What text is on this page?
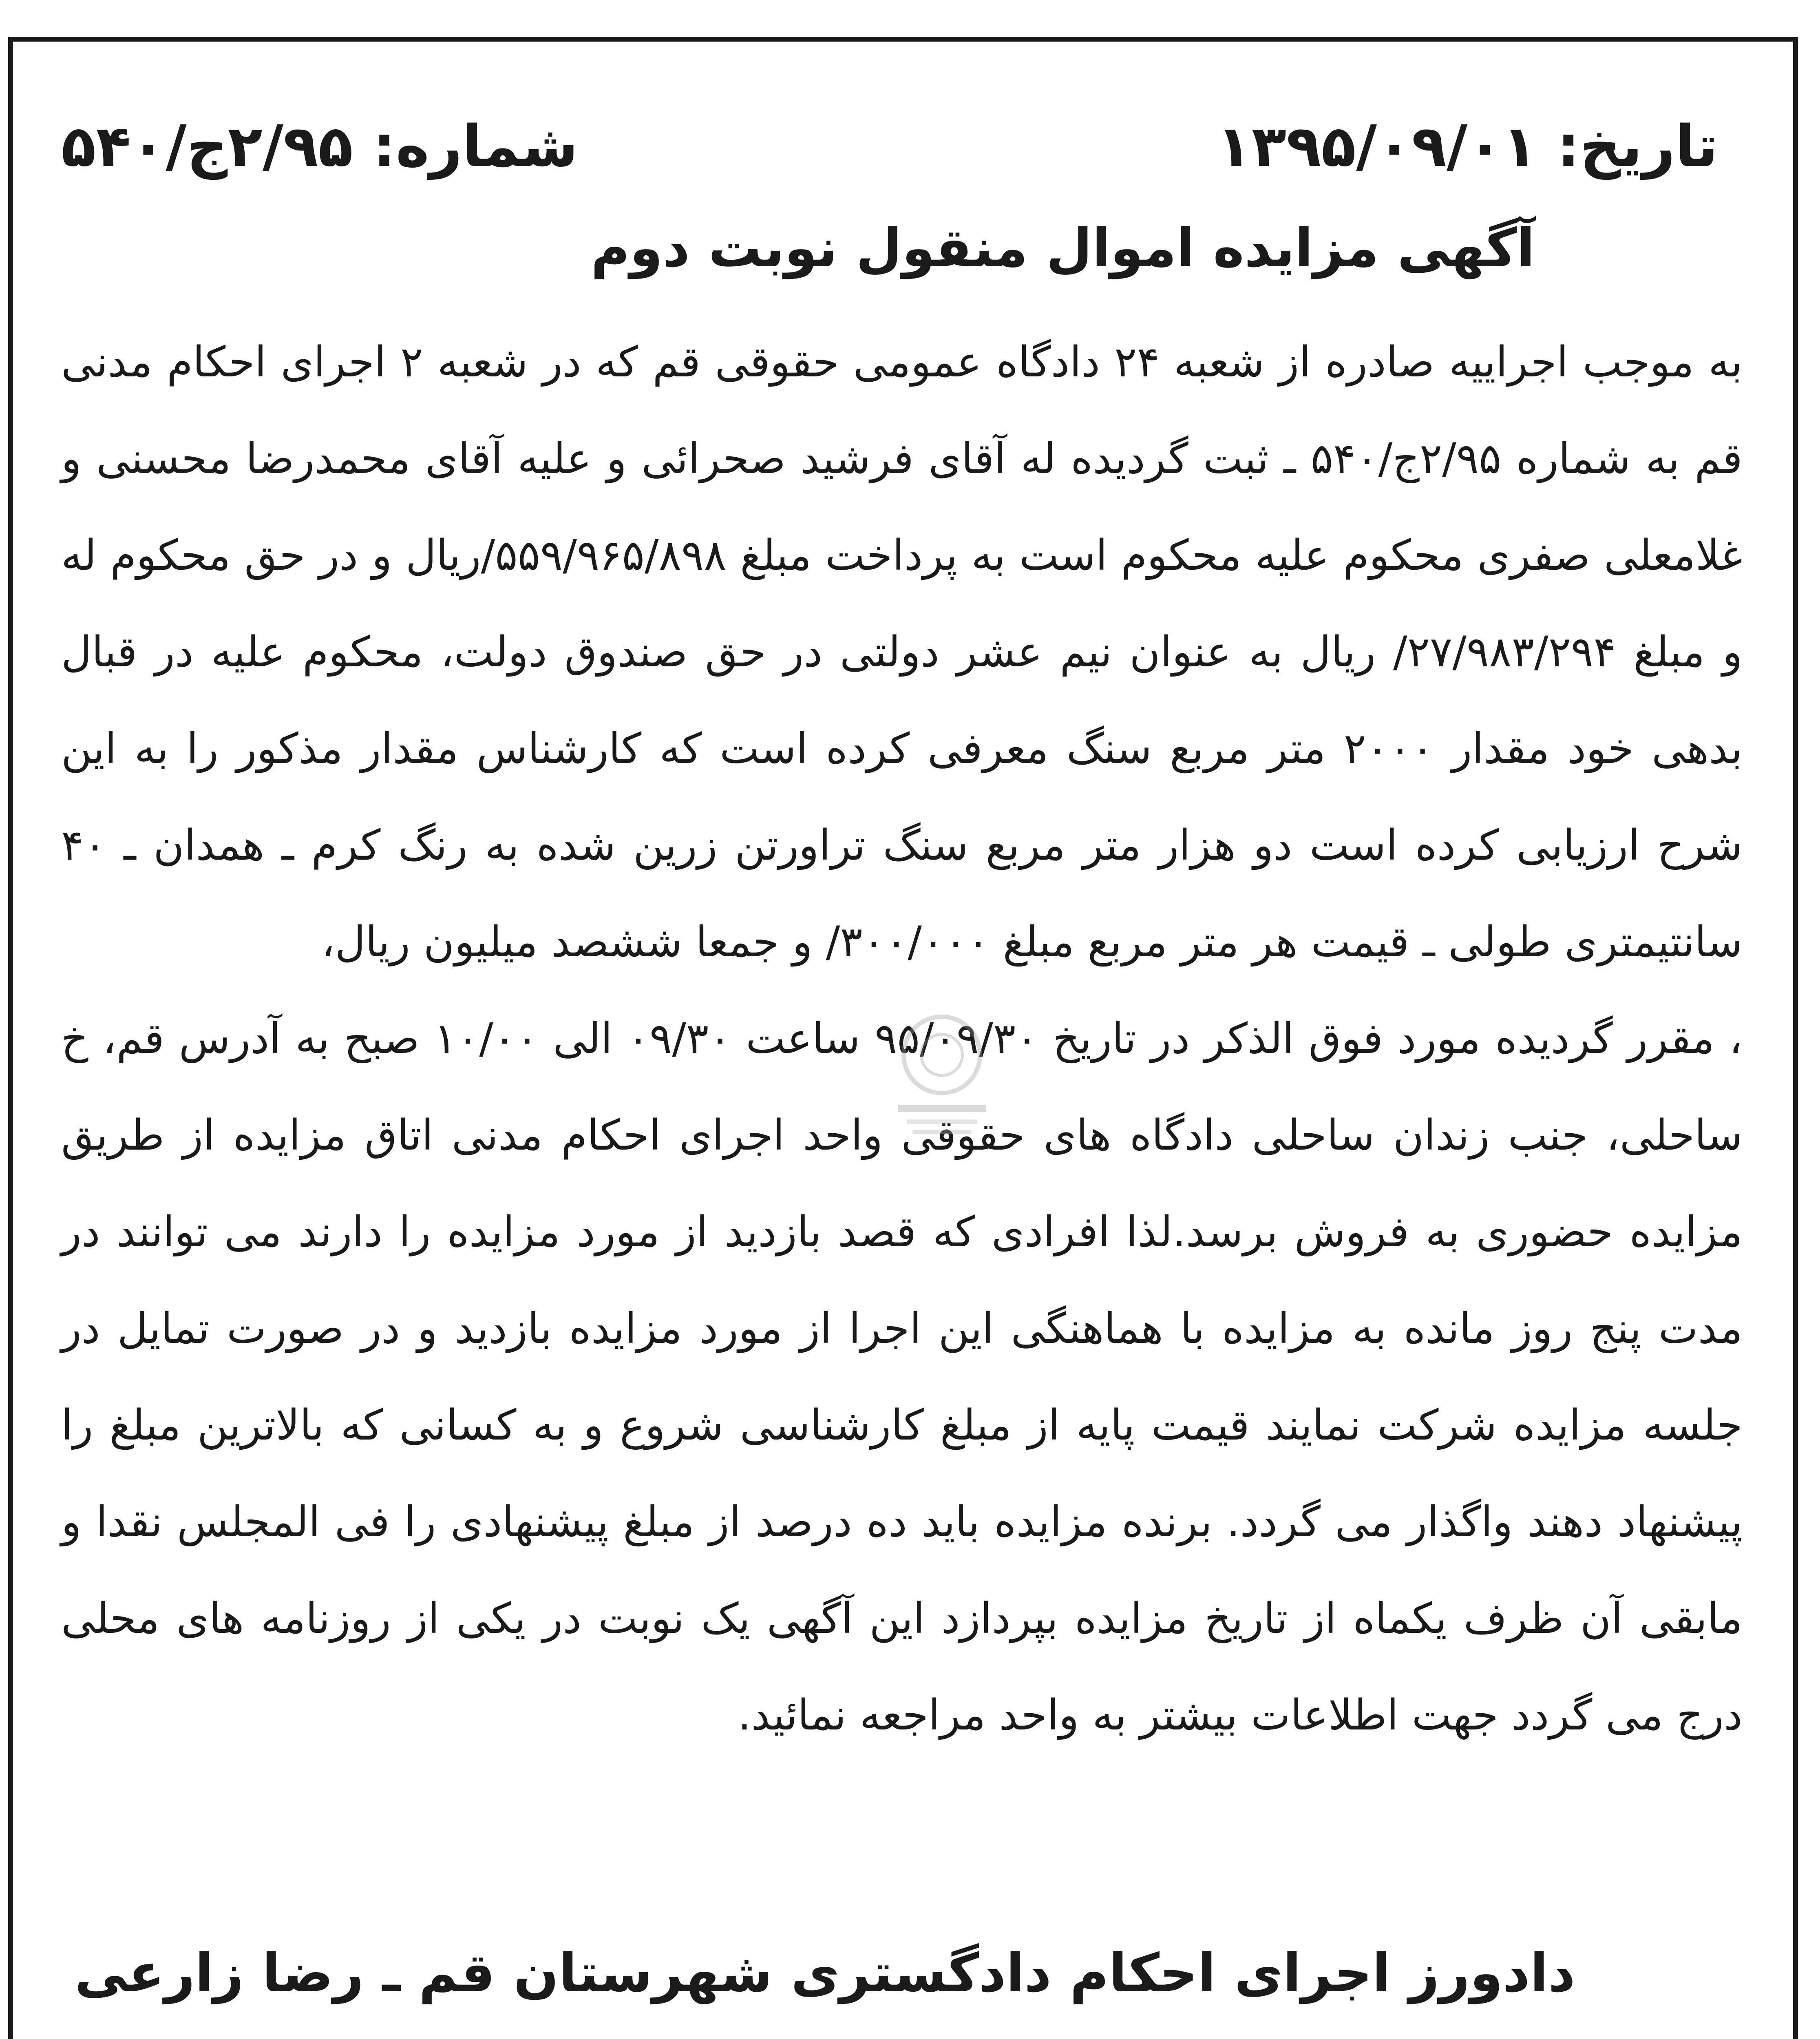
تاریخ: ۱۳۹۵/۰۹/۰۱
شماره: ۲/۹۵ج/۵۴۰
آگهی مزایده اموال منقول نوبت دوم

به موجب اجراییه صادره از شعبه ۲۴ دادگاه عمومی حقوقی قم که در شعبه ۲ اجرای احکام مدنی قم به شماره ۲/۹۵ج/۵۴۰ ـ ثبت گردیده له آقای فرشید صحرائی و علیه آقای محمدرضا محسنی و غلامعلی صفری محکوم علیه محکوم است به پرداخت مبلغ ۵۵۹/۹۶۵/۸۹۸/ریال و در حق محکوم له و مبلغ ۲۷/۹۸۳/۲۹۴/ ریال به عنوان نیم عشر دولتی در حق صندوق دولت، محکوم علیه در قبال بدهی خود مقدار ۲۰۰۰ متر مربع سنگ معرفی کرده است که کارشناس مقدار مذکور را به این شرح ارزیابی کرده است دو هزار متر مربع سنگ تراورتن زرین شده به رنگ کرم ـ همدان ـ ۴۰ سانتیمتری طولی ـ قیمت هر متر مربع مبلغ ۳۰۰/۰۰۰/ و جمعا ششصد میلیون ریال،

، مقرر گردیده مورد فوق الذکر در تاریخ ۹۵/۰۹/۳۰ ساعت ۰۹/۳۰ الی ۱۰/۰۰ صبح به آدرس قم، خ ساحلی، جنب زندان ساحلی دادگاه های حقوقی واحد اجرای احکام مدنی اتاق مزایده از طریق مزایده حضوری به فروش برسد.لذا افرادی که قصد بازدید از مورد مزایده را دارند می توانند در مدت پنج روز مانده به مزایده با هماهنگی این اجرا از مورد مزایده بازدید و در صورت تمایل در جلسه مزایده شرکت نمایند قیمت پایه از مبلغ کارشناسی شروع و به کسانی که بالاترین مبلغ را پیشنهاد دهند واگذار می گردد. برنده مزایده باید ده درصد از مبلغ پیشنهادی را فی المجلس نقدا و مابقی آن ظرف یکماه از تاریخ مزایده بپردازد این آگهی یک نوبت در یکی از روزنامه های محلی درج می گردد جهت اطلاعات بیشتر به واحد مراجعه نمائید.

دادورز اجرای احکام دادگستری شهرستان قم ـ رضا زارعی
